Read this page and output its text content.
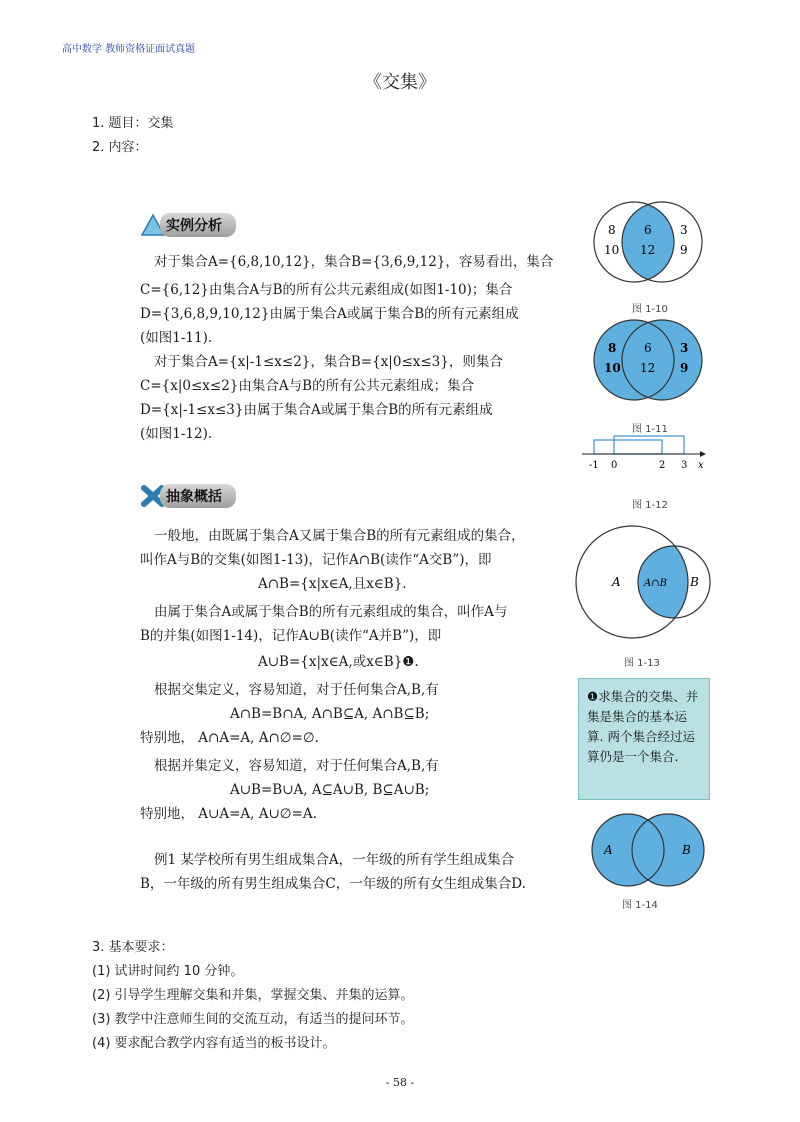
高中数学 教师资格证面试真题
《交集》
1. 题目：交集
2. 内容：
实例分析
对于集合A={6,8,10,12}，集合B={3,6,9,12}，容易看出，集合
C={6,12}由集合A与B的所有公共元素组成(如图1-10)；集合
D={3,6,8,9,10,12}由属于集合A或属于集合B的所有元素组成
(如图1-11).
对于集合A={x|-1≤x≤2}，集合B={x|0≤x≤3}，则集合
C={x|0≤x≤2}由集合A与B的所有公共元素组成；集合
D={x|-1≤x≤3}由属于集合A或属于集合B的所有元素组成
(如图1-12).
抽象概括
一般地，由既属于集合A又属于集合B的所有元素组成的集合，
叫作A与B的交集(如图1-13)，记作A∩B(读作“A交B”)，即
A∩B={x|x∈A,且x∈B}.
由属于集合A或属于集合B的所有元素组成的集合，叫作A与
B的并集(如图1-14)，记作A∪B(读作“A并B”)，即
A∪B={x|x∈A,或x∈B}❶.
根据交集定义，容易知道，对于任何集合A,B,有
A∩B=B∩A, A∩B⊆A, A∩B⊆B;
特别地， A∩A=A, A∩∅=∅.
根据并集定义，容易知道，对于任何集合A,B,有
A∪B=B∪A, A⊆A∪B, B⊆A∪B;
特别地， A∪A=A, A∪∅=A.
例1 某学校所有男生组成集合A，一年级的所有学生组成集合
B，一年级的所有男生组成集合C，一年级的所有女生组成集合D.
8
10
6
12
3
9
图 1-10
8
10
6
12
3
9
图 1-11
-1 0	2 3 x
图 1-12
A A∩B B
图 1-13
❶求集合的交集、并集是集合的基本运算. 两个集合经过运算仍是一个集合.
A	B
图 1-14
3. 基本要求：
(1) 试讲时间约 10 分钟。
(2) 引导学生理解交集和并集，掌握交集、并集的运算。
(3) 教学中注意师生间的交流互动，有适当的提问环节。
(4) 要求配合教学内容有适当的板书设计。
- 58 -
